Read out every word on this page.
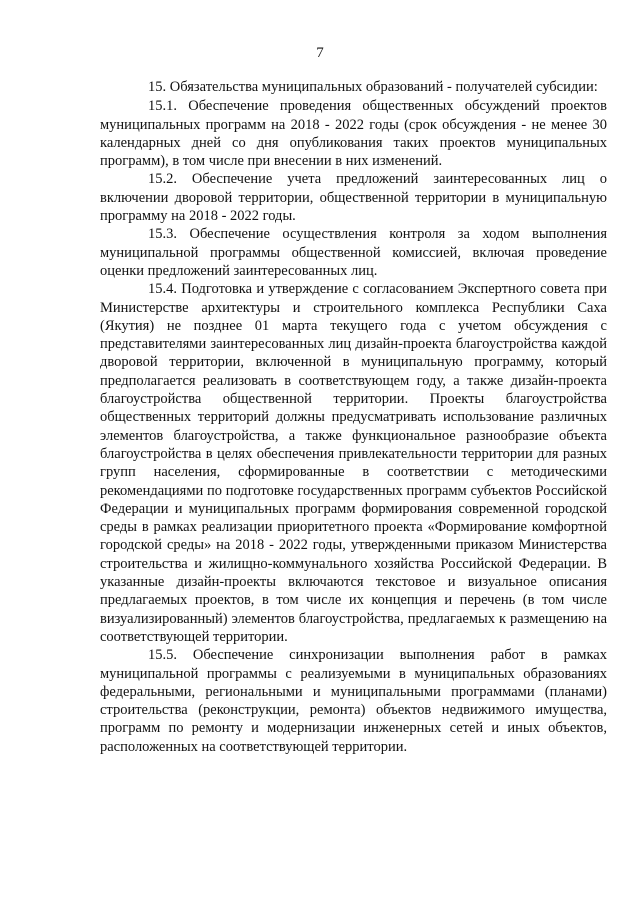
7

15. Обязательства муниципальных образований - получателей субсидии:

15.1. Обеспечение проведения общественных обсуждений проектов муниципальных программ на 2018 - 2022 годы (срок обсуждения - не менее 30 календарных дней со дня опубликования таких проектов муниципальных программ), в том числе при внесении в них изменений.

15.2. Обеспечение учета предложений заинтересованных лиц о включении дворовой территории, общественной территории в муниципальную программу на 2018 - 2022 годы.

15.3. Обеспечение осуществления контроля за ходом выполнения муниципальной программы общественной комиссией, включая проведение оценки предложений заинтересованных лиц.

15.4. Подготовка и утверждение с согласованием Экспертного совета при Министерстве архитектуры и строительного комплекса Республики Саха (Якутия) не позднее 01 марта текущего года с учетом обсуждения с представителями заинтересованных лиц дизайн-проекта благоустройства каждой дворовой территории, включенной в муниципальную программу, который предполагается реализовать в соответствующем году, а также дизайн-проекта благоустройства общественной территории. Проекты благоустройства общественных территорий должны предусматривать использование различных элементов благоустройства, а также функциональное разнообразие объекта благоустройства в целях обеспечения привлекательности территории для разных групп населения, сформированные в соответствии с методическими рекомендациями по подготовке государственных программ субъектов Российской Федерации и муниципальных программ формирования современной городской среды в рамках реализации приоритетного проекта «Формирование комфортной городской среды» на 2018 - 2022 годы, утвержденными приказом Министерства строительства и жилищно-коммунального хозяйства Российской Федерации. В указанные дизайн-проекты включаются текстовое и визуальное описания предлагаемых проектов, в том числе их концепция и перечень (в том числе визуализированный) элементов благоустройства, предлагаемых к размещению на соответствующей территории.

15.5. Обеспечение синхронизации выполнения работ в рамках муниципальной программы с реализуемыми в муниципальных образованиях федеральными, региональными и муниципальными программами (планами) строительства (реконструкции, ремонта) объектов недвижимого имущества, программ по ремонту и модернизации инженерных сетей и иных объектов, расположенных на соответствующей территории.
